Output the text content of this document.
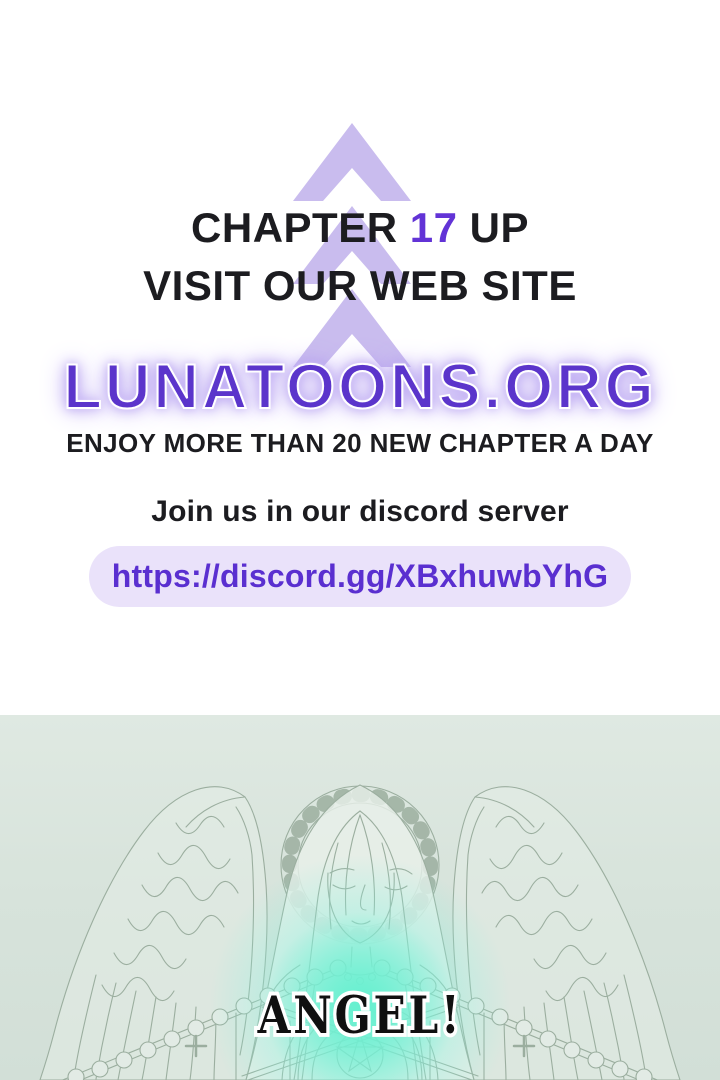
CHAPTER 17 UP
VISIT OUR WEB SITE
LUNATOONS.ORG
ENJOY MORE THAN 20 NEW CHAPTER A DAY
Join us in our discord server
https://discord.gg/XBxhuwbYhG
ANGEL!
